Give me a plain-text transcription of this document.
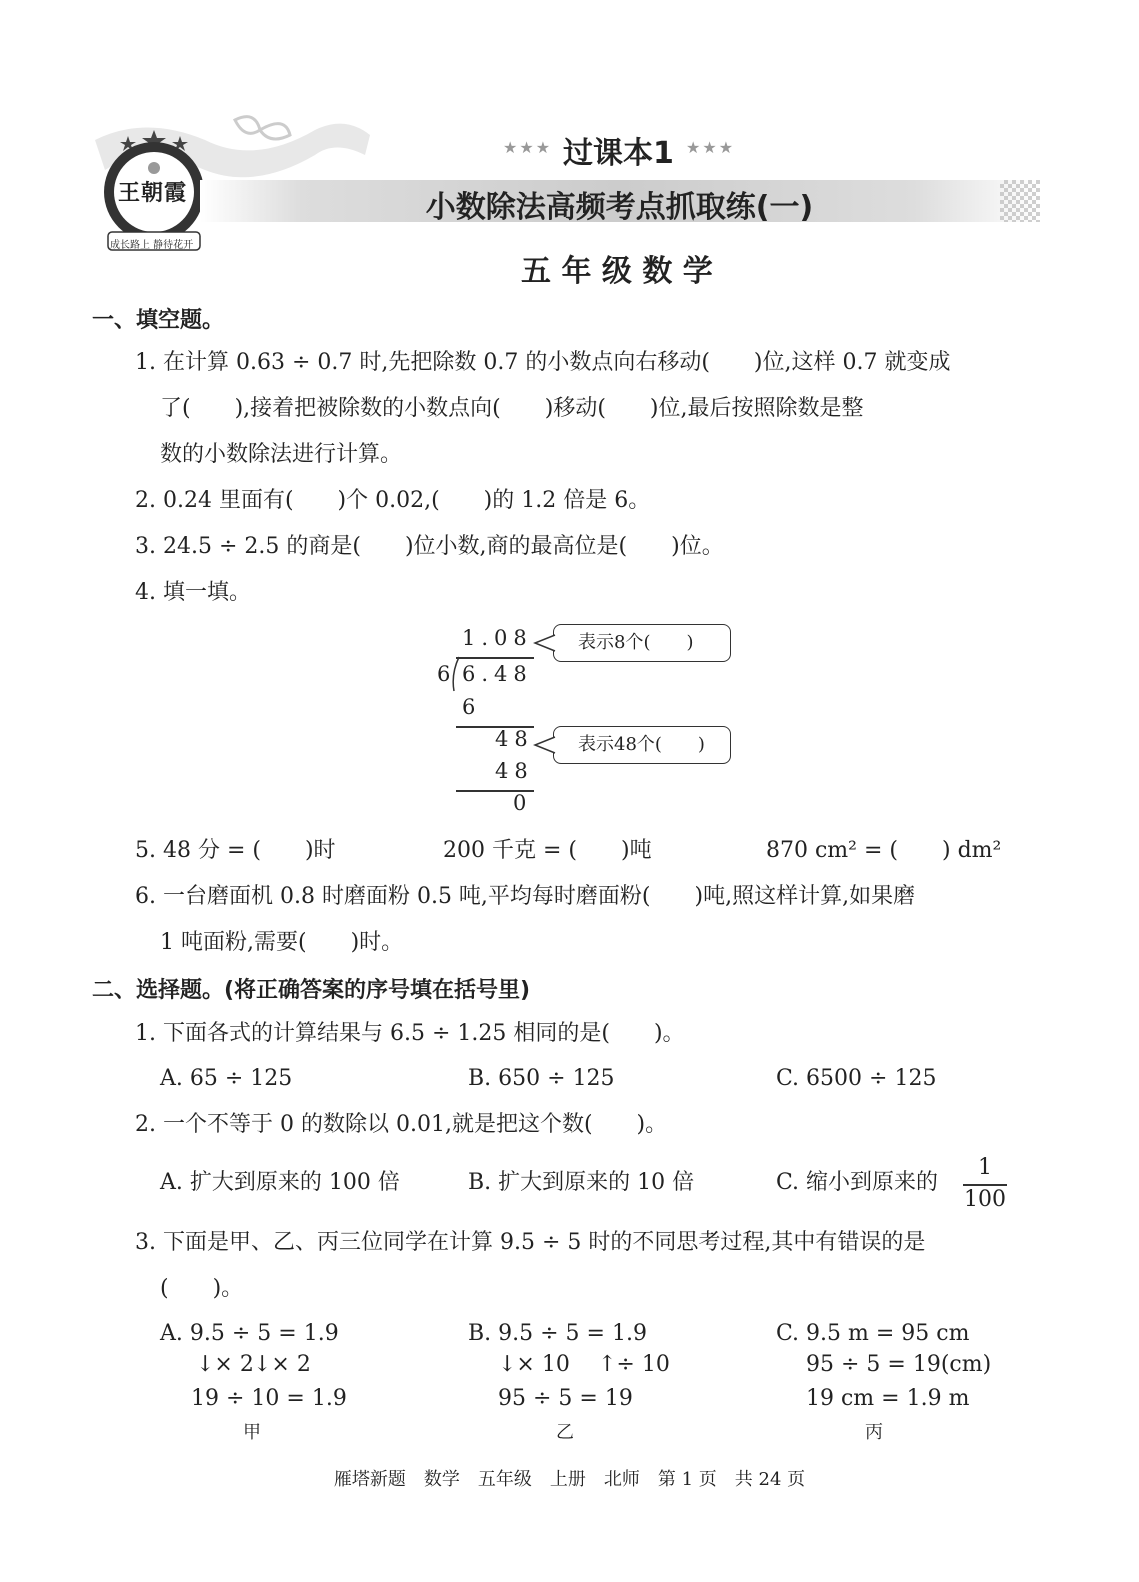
王朝霞
成长路上 静待花开
★★★ 过课本1 ★★★
小数除法高频考点抓取练(一)
五 年 级 数 学
一、填空题。
1. 在计算 0.63 ÷ 0.7 时,先把除数 0.7 的小数点向右移动(　　)位,这样 0.7 就变成
了(　　),接着把被除数的小数点向(　　)移动(　　)位,最后按照除数是整
数的小数除法进行计算。
2. 0.24 里面有(　　)个 0.02,(　　)的 1.2 倍是 6。
3. 24.5 ÷ 2.5 的商是(　　)位小数,商的最高位是(　　)位。
4. 填一填。
1.08
6 6.48
6
48
48
0
表示8个(　　)
表示48个(　　)
5. 48 分 = (　　)时	200 千克 = (　　)吨	870 cm² = (　　) dm²
6. 一台磨面机 0.8 时磨面粉 0.5 吨,平均每时磨面粉(　　)吨,照这样计算,如果磨
1 吨面粉,需要(　　)时。
二、选择题。(将正确答案的序号填在括号里)
1. 下面各式的计算结果与 6.5 ÷ 1.25 相同的是(　　)。
A. 65 ÷ 125	B. 650 ÷ 125	C. 6500 ÷ 125
2. 一个不等于 0 的数除以 0.01,就是把这个数(　　)。
A. 扩大到原来的 100 倍	B. 扩大到原来的 10 倍	C. 缩小到原来的
1
100
3. 下面是甲、乙、丙三位同学在计算 9.5 ÷ 5 时的不同思考过程,其中有错误的是
(　　)。
A. 9.5 ÷ 5 = 1.9
↓× 2 ↓× 2
19 ÷ 10 = 1.9
甲
B. 9.5 ÷ 5 = 1.9
↓× 10 ↑÷ 10
95 ÷ 5 = 19
乙
C. 9.5 m = 95 cm
95 ÷ 5 = 19(cm)
19 cm = 1.9 m
丙
雁塔新题　数学　五年级　上册　北师　第 1 页　共 24 页
